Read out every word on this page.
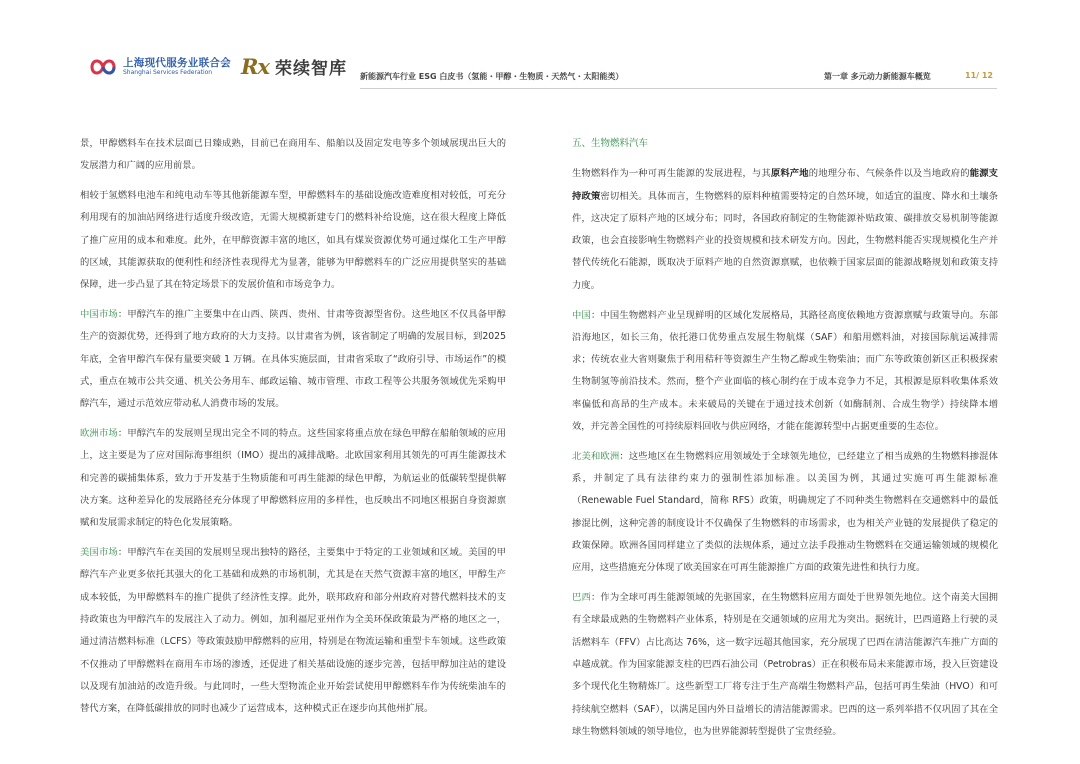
上海现代服务业联合会
Shanghai Services Federation	Rx 荣续智库 新能源汽车行业 ESG 白皮书（氢能・甲醇・生物质・天然气・太阳能类）	第一章 多元动力新能源车概览	11/ 12

景，甲醇燃料车在技术层面已日臻成熟，目前已在商用车、船舶以及固定发电等多个领域展现出巨大的发展潜力和广阔的应用前景。

相较于氢燃料电池车和纯电动车等其他新能源车型，甲醇燃料车的基础设施改造难度相对较低，可充分利用现有的加油站网络进行适度升级改造，无需大规模新建专门的燃料补给设施，这在很大程度上降低了推广应用的成本和难度。此外，在甲醇资源丰富的地区，如具有煤炭资源优势可通过煤化工生产甲醇的区域，其能源获取的便利性和经济性表现得尤为显著，能够为甲醇燃料车的广泛应用提供坚实的基础保障，进一步凸显了其在特定场景下的发展价值和市场竞争力。

中国市场：甲醇汽车的推广主要集中在山西、陕西、贵州、甘肃等资源型省份。这些地区不仅具备甲醇生产的资源优势，还得到了地方政府的大力支持。以甘肃省为例，该省制定了明确的发展目标，到2025 年底，全省甲醇汽车保有量要突破 1 万辆。在具体实施层面，甘肃省采取了“政府引导、市场运作”的模式，重点在城市公共交通、机关公务用车、邮政运输、城市管理、市政工程等公共服务领域优先采购甲醇汽车，通过示范效应带动私人消费市场的发展。

欧洲市场：甲醇汽车的发展则呈现出完全不同的特点。这些国家将重点放在绿色甲醇在船舶领域的应用上，这主要是为了应对国际海事组织（IMO）提出的减排战略。北欧国家利用其领先的可再生能源技术和完善的碳捕集体系，致力于开发基于生物质能和可再生能源的绿色甲醇，为航运业的低碳转型提供解决方案。这种差异化的发展路径充分体现了甲醇燃料应用的多样性，也反映出不同地区根据自身资源禀赋和发展需求制定的特色化发展策略。

美国市场：甲醇汽车在美国的发展则呈现出独特的路径，主要集中于特定的工业领域和区域。美国的甲醇汽车产业更多依托其强大的化工基础和成熟的市场机制，尤其是在天然气资源丰富的地区，甲醇生产成本较低，为甲醇燃料车的推广提供了经济性支撑。此外，联邦政府和部分州政府对替代燃料技术的支持政策也为甲醇汽车的发展注入了动力。例如，加利福尼亚州作为全美环保政策最为严格的地区之一，通过清洁燃料标准（LCFS）等政策鼓励甲醇燃料的应用，特别是在物流运输和重型卡车领域。这些政策不仅推动了甲醇燃料在商用车市场的渗透，还促进了相关基础设施的逐步完善，包括甲醇加注站的建设以及现有加油站的改造升级。与此同时，一些大型物流企业开始尝试使用甲醇燃料车作为传统柴油车的替代方案，在降低碳排放的同时也减少了运营成本，这种模式正在逐步向其他州扩展。

五、生物燃料汽车

生物燃料作为一种可再生能源的发展进程，与其原料产地的地理分布、气候条件以及当地政府的能源支持政策密切相关。具体而言，生物燃料的原料种植需要特定的自然环境，如适宜的温度、降水和土壤条件，这决定了原料产地的区域分布；同时，各国政府制定的生物能源补贴政策、碳排放交易机制等能源政策，也会直接影响生物燃料产业的投资规模和技术研发方向。因此，生物燃料能否实现规模化生产并替代传统化石能源，既取决于原料产地的自然资源禀赋，也依赖于国家层面的能源战略规划和政策支持力度。

中国：中国生物燃料产业呈现鲜明的区域化发展格局，其路径高度依赖地方资源禀赋与政策导向。东部沿海地区，如长三角，依托港口优势重点发展生物航煤（SAF）和船用燃料油，对接国际航运减排需求；传统农业大省则聚焦于利用秸秆等资源生产生物乙醇或生物柴油；而广东等政策创新区正积极探索生物制氢等前沿技术。然而，整个产业面临的核心制约在于成本竞争力不足，其根源是原料收集体系效率偏低和高昂的生产成本。未来破局的关键在于通过技术创新（如酶制剂、合成生物学）持续降本增效，并完善全国性的可持续原料回收与供应网络，才能在能源转型中占据更重要的生态位。

北美和欧洲：这些地区在生物燃料应用领域处于全球领先地位，已经建立了相当成熟的生物燃料掺混体系，并制定了具有法律约束力的强制性添加标准。以美国为例，其通过实施可再生能源标准（Renewable Fuel Standard，简称 RFS）政策，明确规定了不同种类生物燃料在交通燃料中的最低掺混比例，这种完善的制度设计不仅确保了生物燃料的市场需求，也为相关产业链的发展提供了稳定的政策保障。欧洲各国同样建立了类似的法规体系，通过立法手段推动生物燃料在交通运输领域的规模化应用，这些措施充分体现了欧美国家在可再生能源推广方面的政策先进性和执行力度。

巴西：作为全球可再生能源领域的先驱国家，在生物燃料应用方面处于世界领先地位。这个南美大国拥有全球最成熟的生物燃料产业体系，特别是在交通领域的应用尤为突出。据统计，巴西道路上行驶的灵活燃料车（FFV）占比高达 76%，这一数字远超其他国家，充分展现了巴西在清洁能源汽车推广方面的卓越成就。作为国家能源支柱的巴西石油公司（Petrobras）正在积极布局未来能源市场，投入巨资建设多个现代化生物精炼厂。这些新型工厂将专注于生产高端生物燃料产品，包括可再生柴油（HVO）和可持续航空燃料（SAF），以满足国内外日益增长的清洁能源需求。巴西的这一系列举措不仅巩固了其在全球生物燃料领域的领导地位，也为世界能源转型提供了宝贵经验。
